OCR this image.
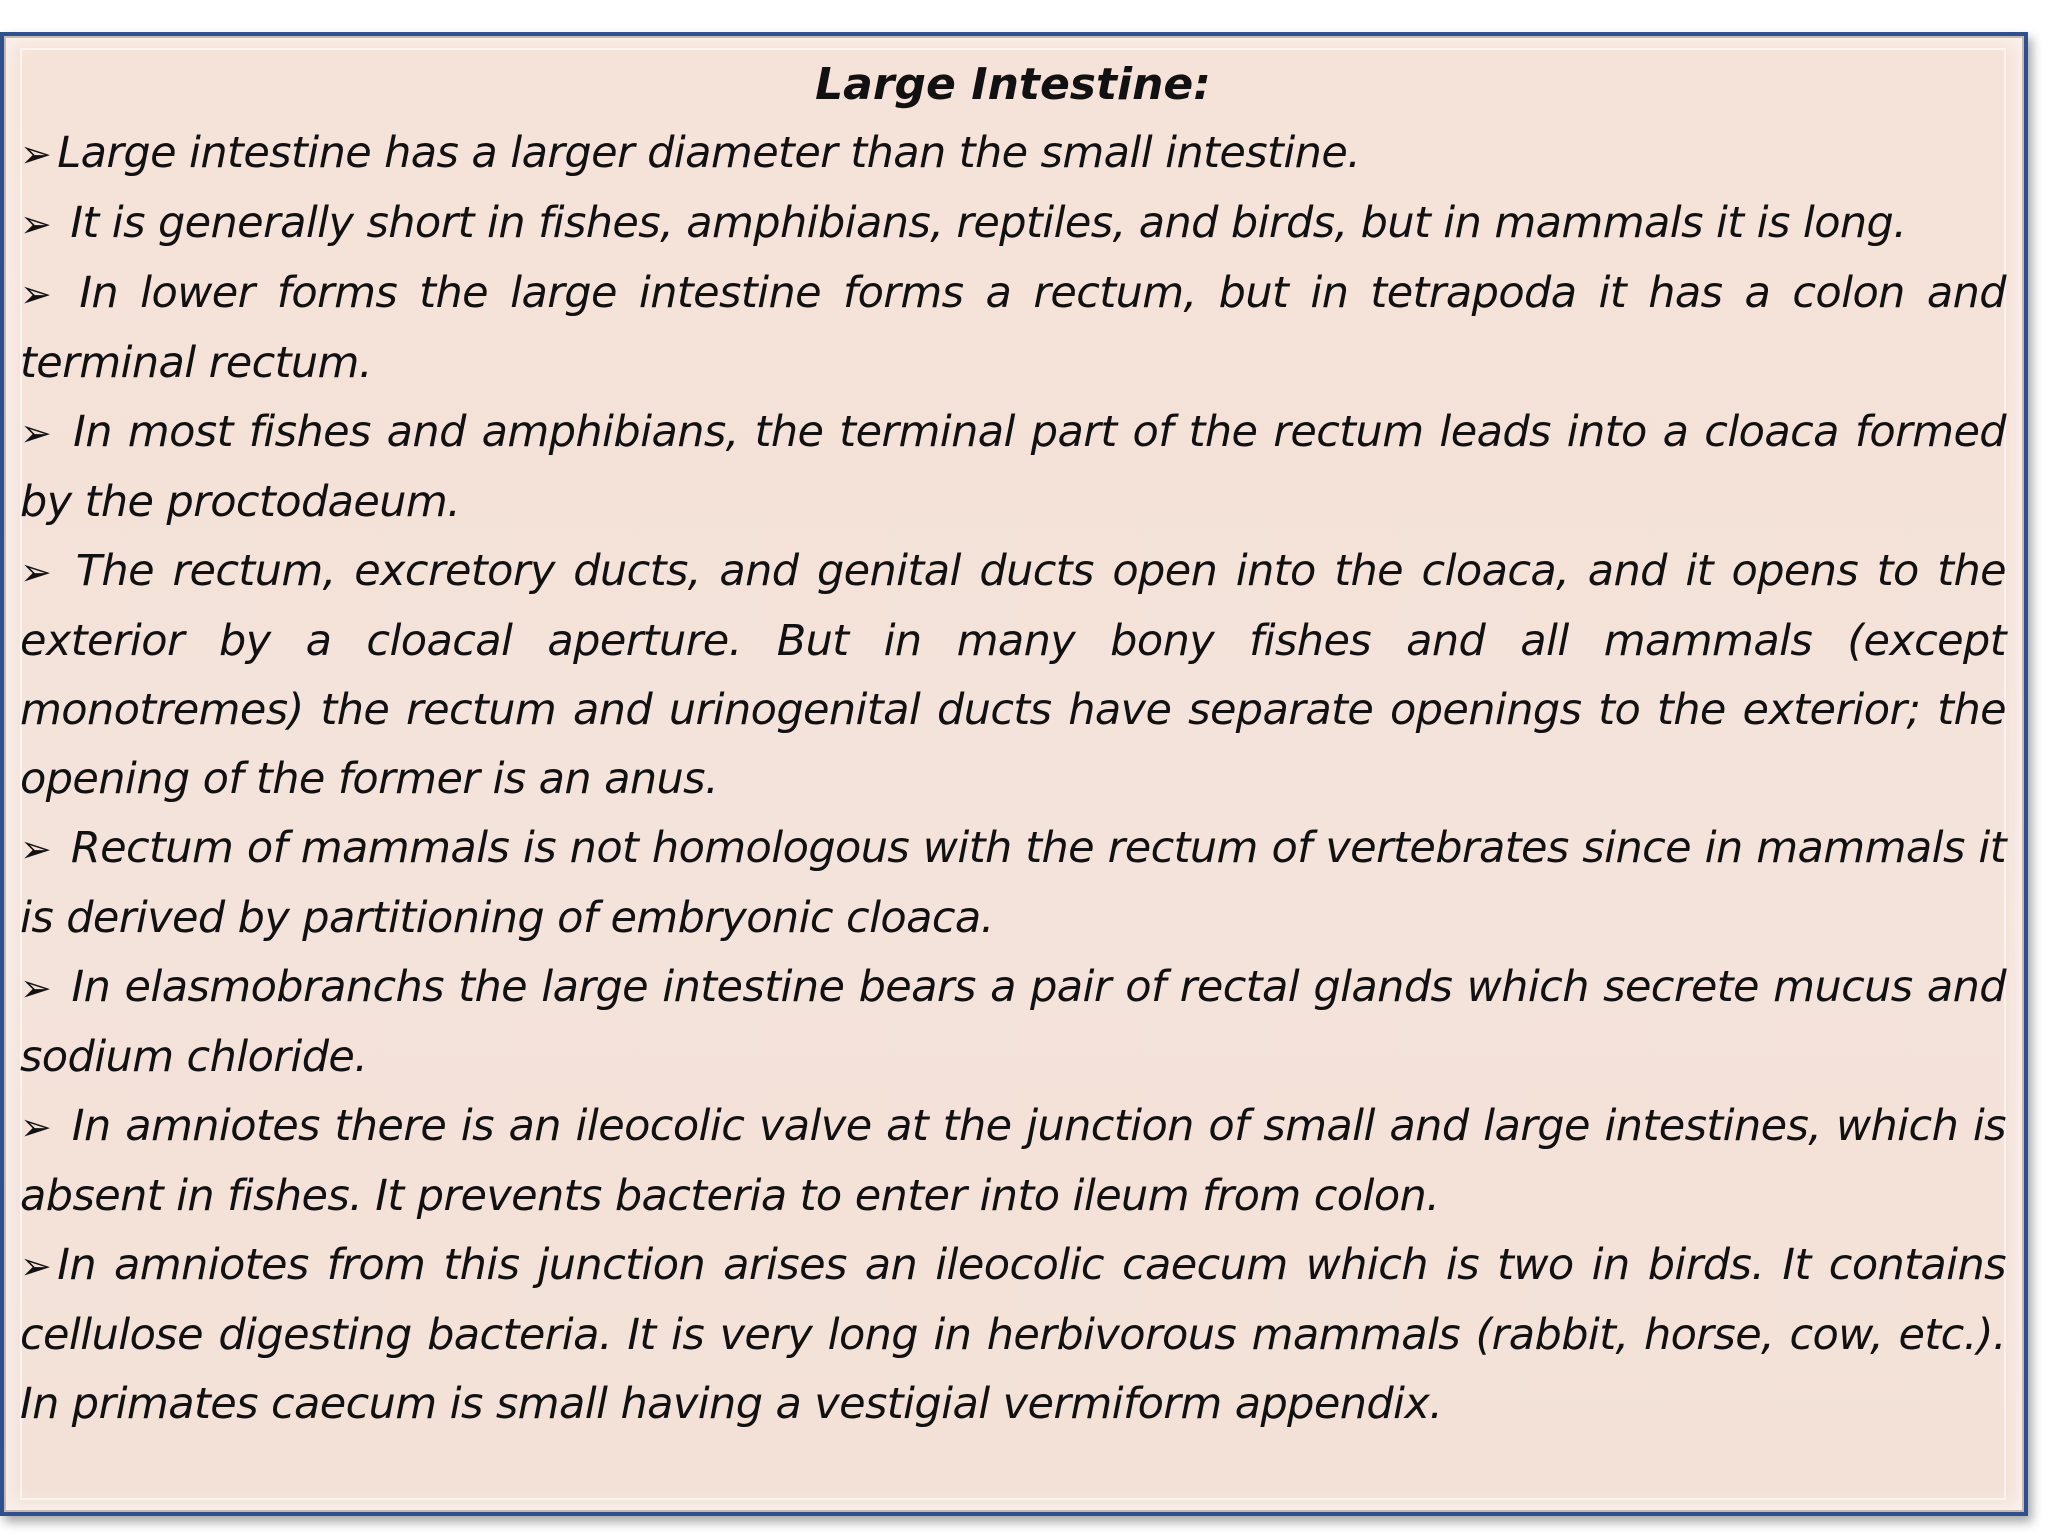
Large Intestine:

➢ Large intestine has a larger diameter than the small intestine.

➢ It is generally short in fishes, amphibians, reptiles, and birds, but in mammals it is long.

➢ In lower forms the large intestine forms a rectum, but in tetrapoda it has a colon and terminal rectum.

➢ In most fishes and amphibians, the terminal part of the rectum leads into a cloaca formed by the proctodaeum.

➢ The rectum, excretory ducts, and genital ducts open into the cloaca, and it opens to the exterior by a cloacal aperture. But in many bony fishes and all mammals (except monotremes) the rectum and urinogenital ducts have separate openings to the exterior; the opening of the former is an anus.

➢ Rectum of mammals is not homologous with the rectum of vertebrates since in mammals it is derived by partitioning of embryonic cloaca.

➢ In elasmobranchs the large intestine bears a pair of rectal glands which secrete mucus and sodium chloride.

➢ In amniotes there is an ileocolic valve at the junction of small and large intestines, which is absent in fishes. It prevents bacteria to enter into ileum from colon.

➢ In amniotes from this junction arises an ileocolic caecum which is two in birds. It contains cellulose digesting bacteria. It is very long in herbivorous mammals (rabbit, horse, cow, etc.). In primates caecum is small having a vestigial vermiform appendix.
